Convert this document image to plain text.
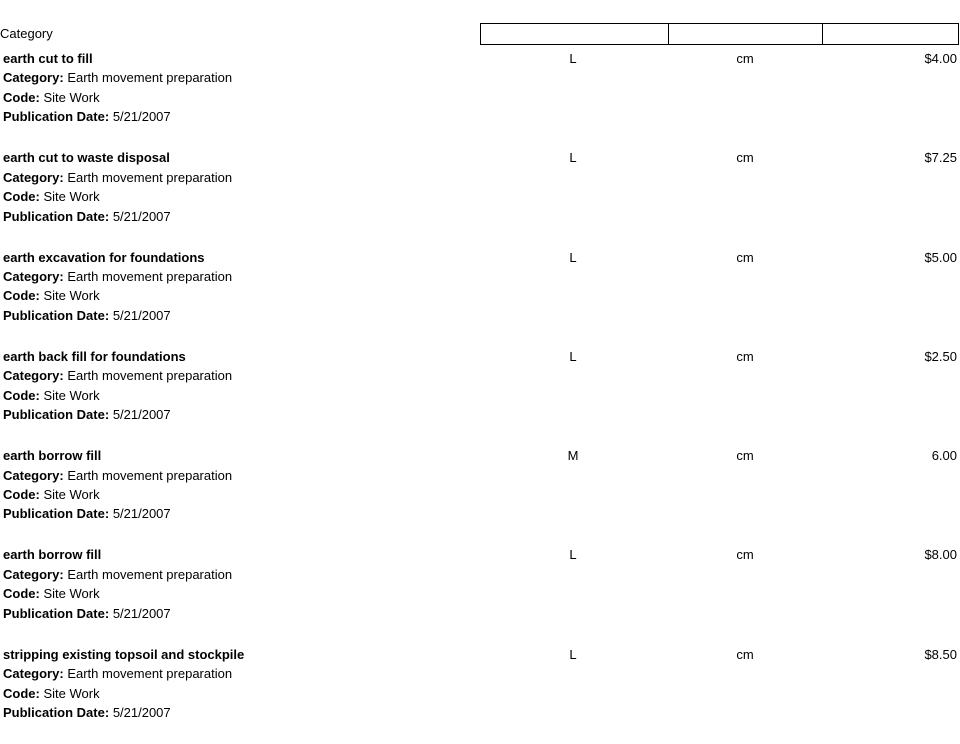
Category
earth cut to fill
Category: Earth movement preparation
Code: Site Work
Publication Date: 5/21/2007
L	cm	$4.00
earth cut to waste disposal
Category: Earth movement preparation
Code: Site Work
Publication Date: 5/21/2007
L	cm	$7.25
earth excavation for foundations
Category: Earth movement preparation
Code: Site Work
Publication Date: 5/21/2007
L	cm	$5.00
earth back fill for foundations
Category: Earth movement preparation
Code: Site Work
Publication Date: 5/21/2007
L	cm	$2.50
earth borrow fill
Category: Earth movement preparation
Code: Site Work
Publication Date: 5/21/2007
M	cm	6.00
earth borrow fill
Category: Earth movement preparation
Code: Site Work
Publication Date: 5/21/2007
L	cm	$8.00
stripping existing topsoil and stockpile
Category: Earth movement preparation
Code: Site Work
Publication Date: 5/21/2007
L	cm	$8.50
